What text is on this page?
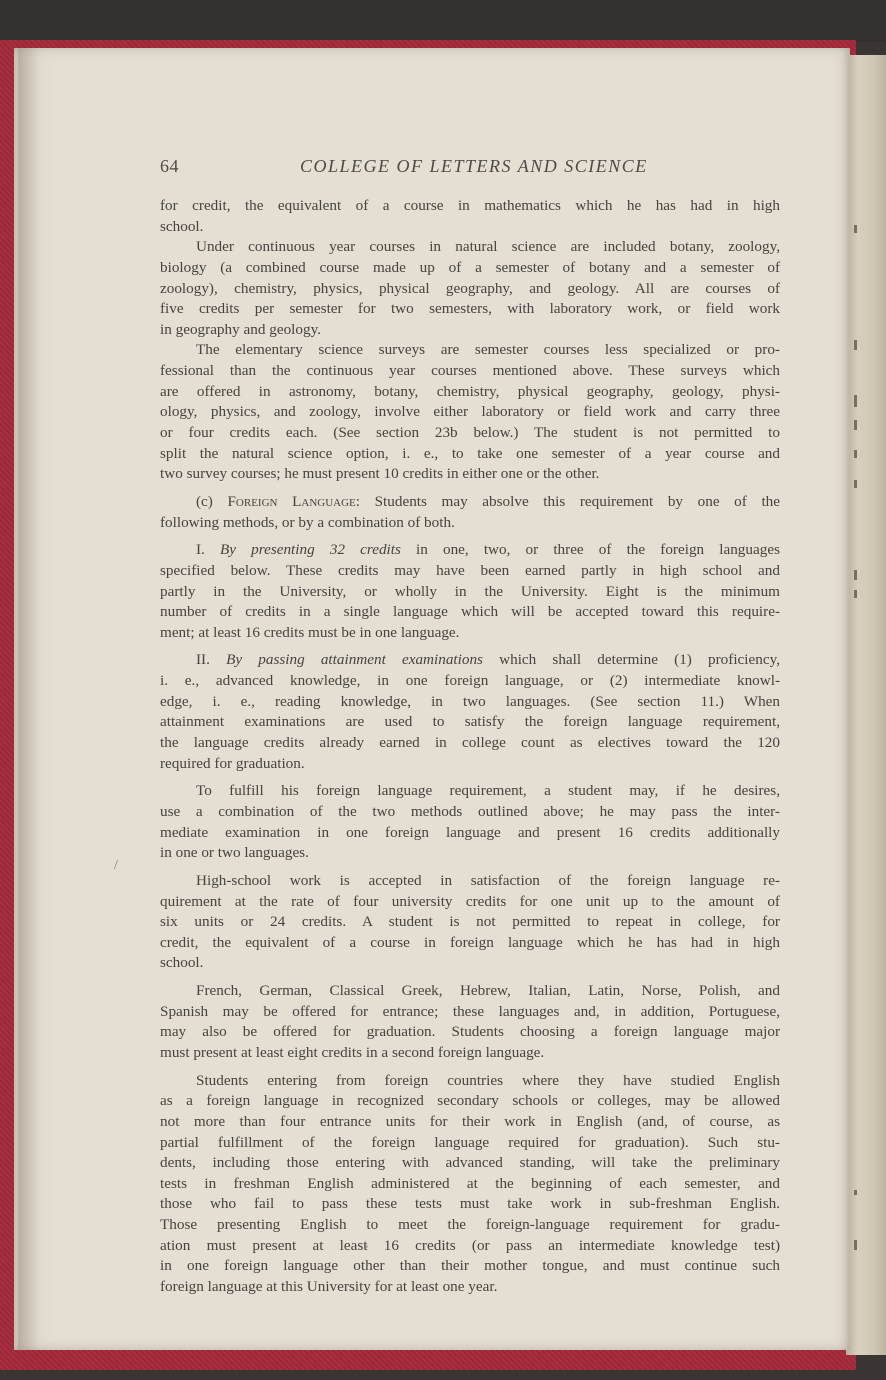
64	COLLEGE OF LETTERS AND SCIENCE
/

for credit, the equivalent of a course in mathematics which he has had in high
school.

Under continuous year courses in natural science are included botany, zoology,
biology (a combined course made up of a semester of botany and a semester of
zoology), chemistry, physics, physical geography, and geology. All are courses of
five credits per semester for two semesters, with laboratory work, or field work
in geography and geology.

The elementary science surveys are semester courses less specialized or pro-
fessional than the continuous year courses mentioned above. These surveys which
are offered in astronomy, botany, chemistry, physical geography, geology, physi-
ology, physics, and zoology, involve either laboratory or field work and carry three
or four credits each. (See section 23b below.) The student is not permitted to
split the natural science option, i. e., to take one semester of a year course and
two survey courses; he must present 10 credits in either one or the other.

(c) Foreign Language: Students may absolve this requirement by one of the
following methods, or by a combination of both.

I. By presenting 32 credits in one, two, or three of the foreign languages
specified below. These credits may have been earned partly in high school and
partly in the University, or wholly in the University. Eight is the minimum
number of credits in a single language which will be accepted toward this require-
ment; at least 16 credits must be in one language.

II. By passing attainment examinations which shall determine (1) proficiency,
i. e., advanced knowledge, in one foreign language, or (2) intermediate knowl-
edge, i. e., reading knowledge, in two languages. (See section 11.) When
attainment examinations are used to satisfy the foreign language requirement,
the language credits already earned in college count as electives toward the 120
required for graduation.

To fulfill his foreign language requirement, a student may, if he desires,
use a combination of the two methods outlined above; he may pass the inter-
mediate examination in one foreign language and present 16 credits additionally
in one or two languages.

High-school work is accepted in satisfaction of the foreign language re-
quirement at the rate of four university credits for one unit up to the amount of
six units or 24 credits. A student is not permitted to repeat in college, for
credit, the equivalent of a course in foreign language which he has had in high
school.

French, German, Classical Greek, Hebrew, Italian, Latin, Norse, Polish, and
Spanish may be offered for entrance; these languages and, in addition, Portuguese,
may also be offered for graduation. Students choosing a foreign language major
must present at least eight credits in a second foreign language.

Students entering from foreign countries where they have studied English
as a foreign language in recognized secondary schools or colleges, may be allowed
not more than four entrance units for their work in English (and, of course, as
partial fulfillment of the foreign language required for graduation). Such stu-
dents, including those entering with advanced standing, will take the preliminary
tests in freshman English administered at the beginning of each semester, and
those who fail to pass these tests must take work in sub-freshman English.
Those presenting English to meet the foreign-language requirement for gradu-
ation must present at least 16 credits (or pass an intermediate knowledge test)
in one foreign language other than their mother tongue, and must continue such
foreign language at this University for at least one year.
